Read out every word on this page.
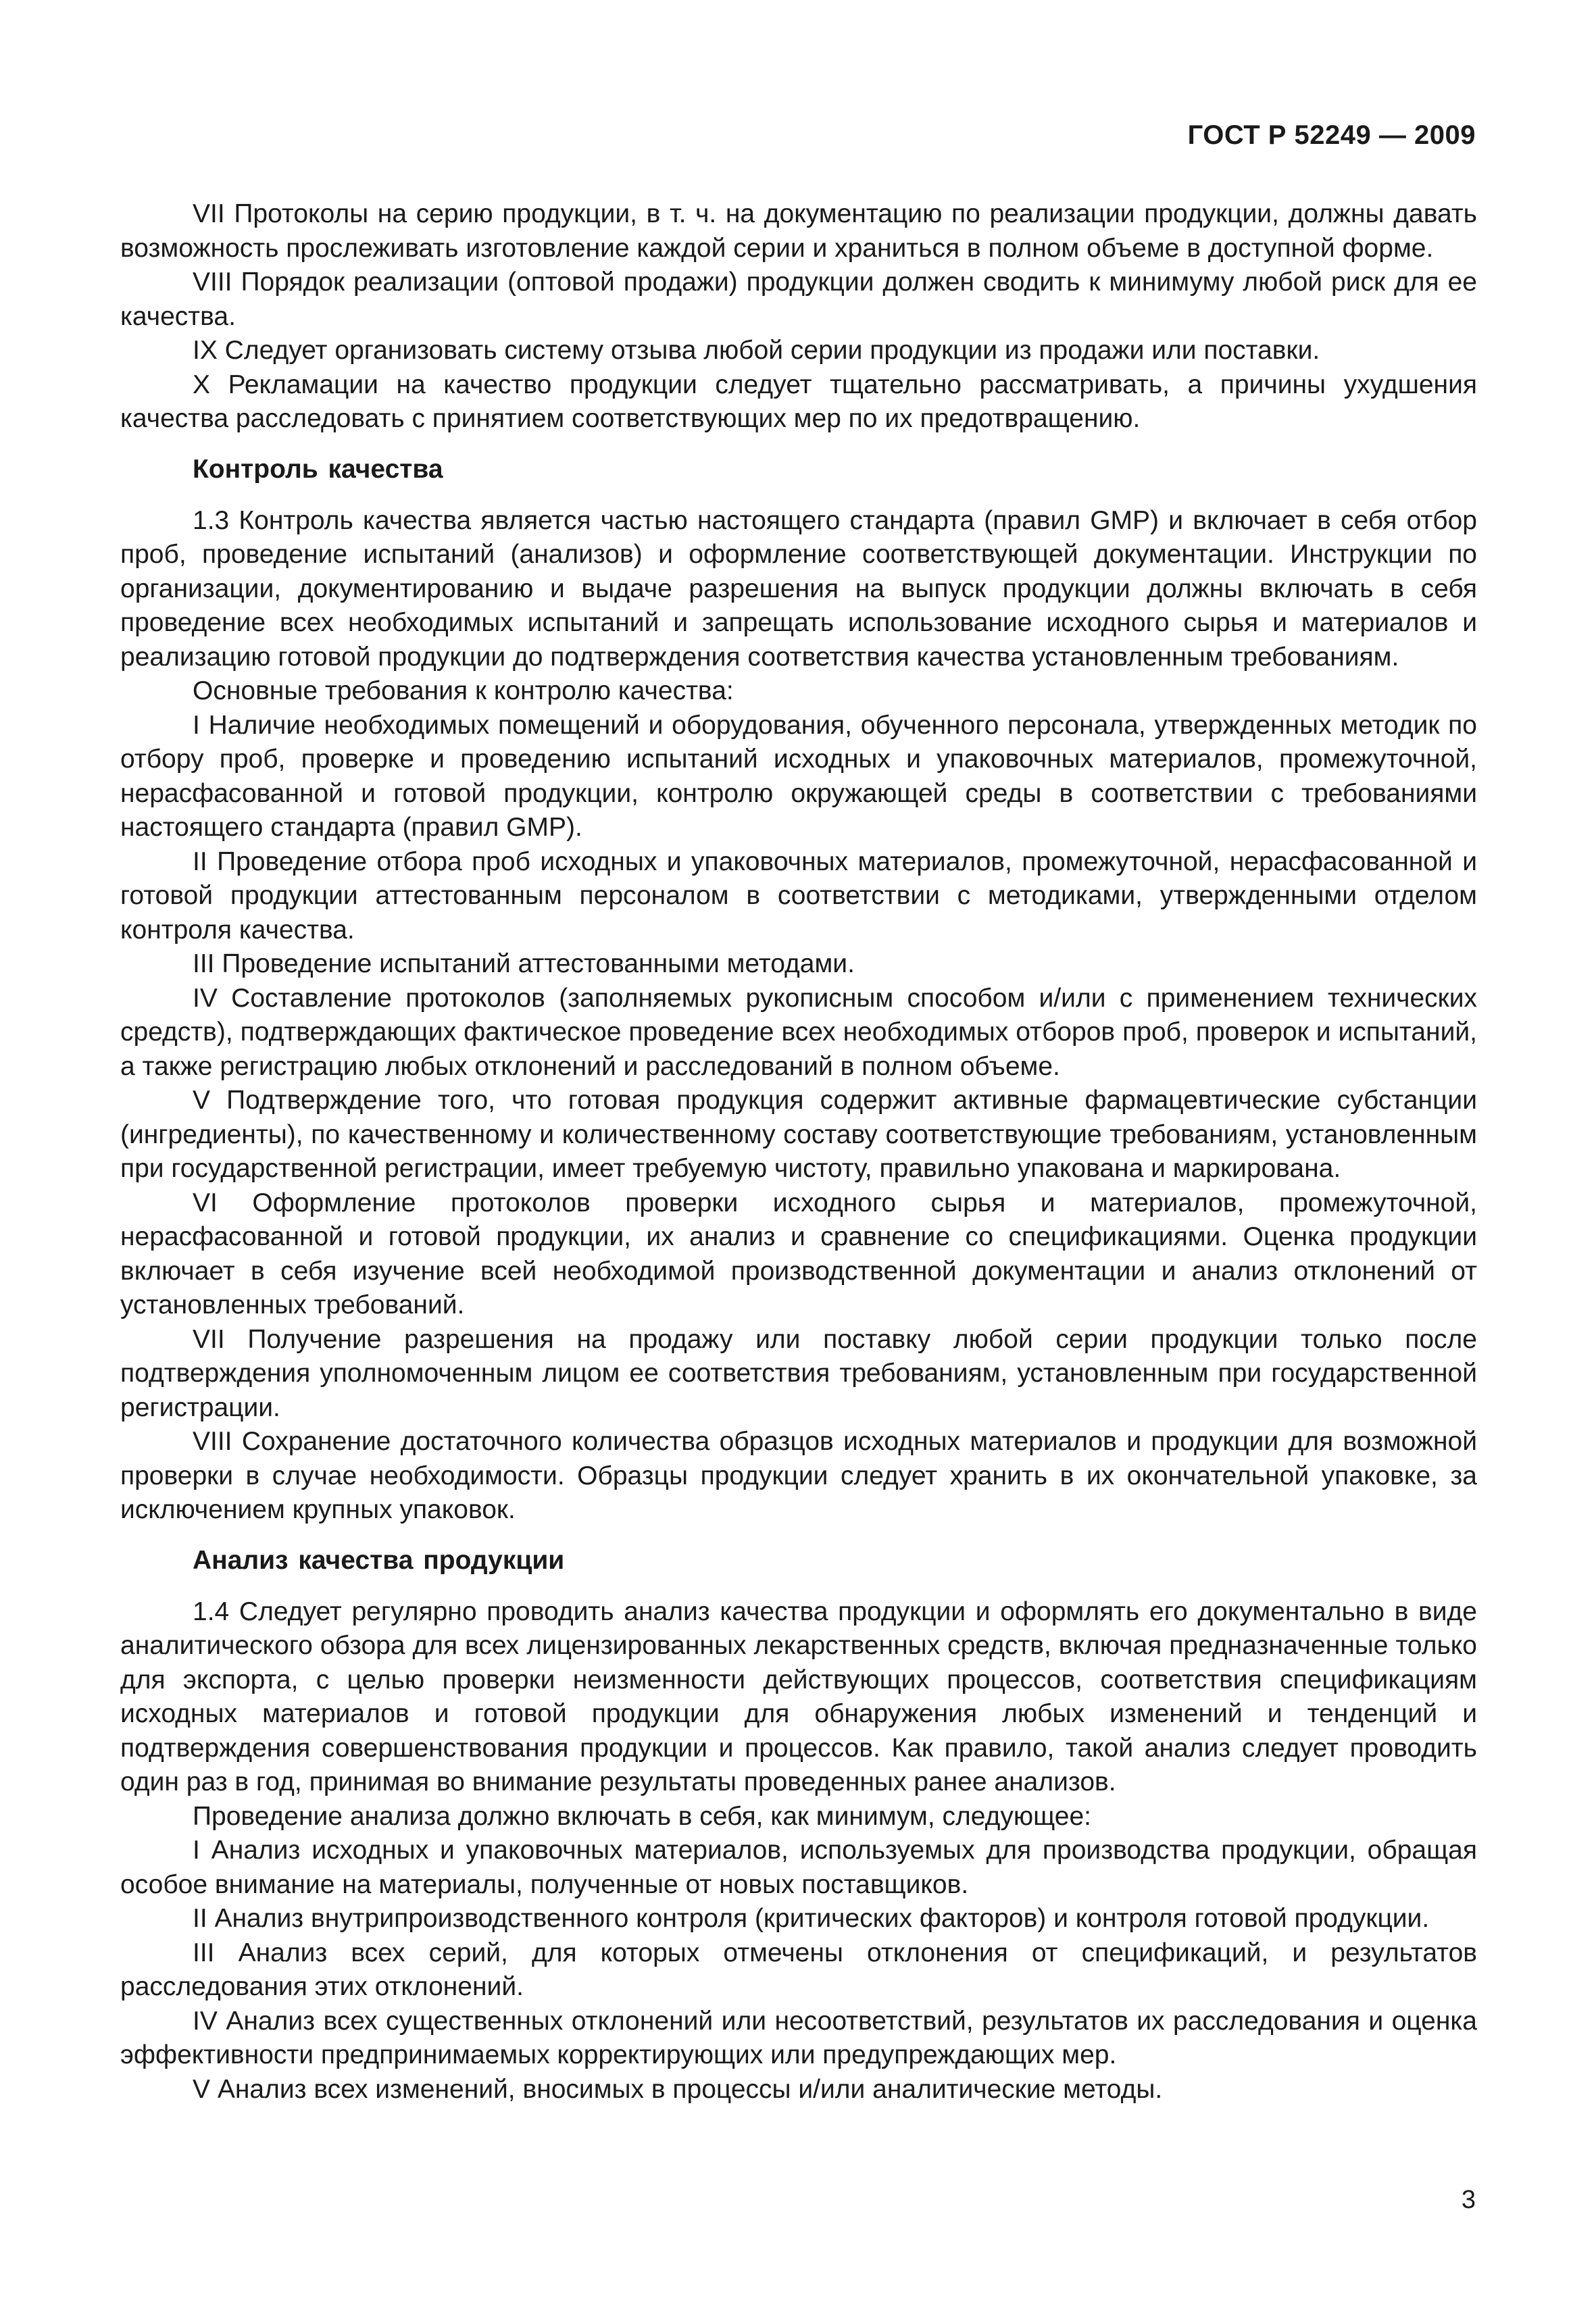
ГОСТ Р 52249 — 2009

VII Протоколы на серию продукции, в т. ч. на документацию по реализации продукции, должны давать возможность прослеживать изготовление каждой серии и храниться в полном объеме в доступной форме.

VIII Порядок реализации (оптовой продажи) продукции должен сводить к минимуму любой риск для ее качества.

IX Следует организовать систему отзыва любой серии продукции из продажи или поставки.

X Рекламации на качество продукции следует тщательно рассматривать, а причины ухудшения качества расследовать с принятием соответствующих мер по их предотвращению.

Контроль качества

1.3 Контроль качества является частью настоящего стандарта (правил GMP) и включает в себя отбор проб, проведение испытаний (анализов) и оформление соответствующей документации. Инструкции по организации, документированию и выдаче разрешения на выпуск продукции должны включать в себя проведение всех необходимых испытаний и запрещать использование исходного сырья и материалов и реализацию готовой продукции до подтверждения соответствия качества установленным требованиям.

Основные требования к контролю качества:

I Наличие необходимых помещений и оборудования, обученного персонала, утвержденных методик по отбору проб, проверке и проведению испытаний исходных и упаковочных материалов, промежуточной, нерасфасованной и готовой продукции, контролю окружающей среды в соответствии с требованиями настоящего стандарта (правил GMP).

II Проведение отбора проб исходных и упаковочных материалов, промежуточной, нерасфасованной и готовой продукции аттестованным персоналом в соответствии с методиками, утвержденными отделом контроля качества.

III Проведение испытаний аттестованными методами.

IV Составление протоколов (заполняемых рукописным способом и/или с применением технических средств), подтверждающих фактическое проведение всех необходимых отборов проб, проверок и испытаний, а также регистрацию любых отклонений и расследований в полном объеме.

V Подтверждение того, что готовая продукция содержит активные фармацевтические субстанции (ингредиенты), по качественному и количественному составу соответствующие требованиям, установленным при государственной регистрации, имеет требуемую чистоту, правильно упакована и маркирована.

VI Оформление протоколов проверки исходного сырья и материалов, промежуточной, нерасфасованной и готовой продукции, их анализ и сравнение со спецификациями. Оценка продукции включает в себя изучение всей необходимой производственной документации и анализ отклонений от установленных требований.

VII Получение разрешения на продажу или поставку любой серии продукции только после подтверждения уполномоченным лицом ее соответствия требованиям, установленным при государственной регистрации.

VIII Сохранение достаточного количества образцов исходных материалов и продукции для возможной проверки в случае необходимости. Образцы продукции следует хранить в их окончательной упаковке, за исключением крупных упаковок.

Анализ качества продукции

1.4 Следует регулярно проводить анализ качества продукции и оформлять его документально в виде аналитического обзора для всех лицензированных лекарственных средств, включая предназначенные только для экспорта, с целью проверки неизменности действующих процессов, соответствия спецификациям исходных материалов и готовой продукции для обнаружения любых изменений и тенденций и подтверждения совершенствования продукции и процессов. Как правило, такой анализ следует проводить один раз в год, принимая во внимание результаты проведенных ранее анализов.

Проведение анализа должно включать в себя, как минимум, следующее:

I Анализ исходных и упаковочных материалов, используемых для производства продукции, обращая особое внимание на материалы, полученные от новых поставщиков.

II Анализ внутрипроизводственного контроля (критических факторов) и контроля готовой продукции.

III Анализ всех серий, для которых отмечены отклонения от спецификаций, и результатов расследования этих отклонений.

IV Анализ всех существенных отклонений или несоответствий, результатов их расследования и оценка эффективности предпринимаемых корректирующих или предупреждающих мер.

V Анализ всех изменений, вносимых в процессы и/или аналитические методы.

3
